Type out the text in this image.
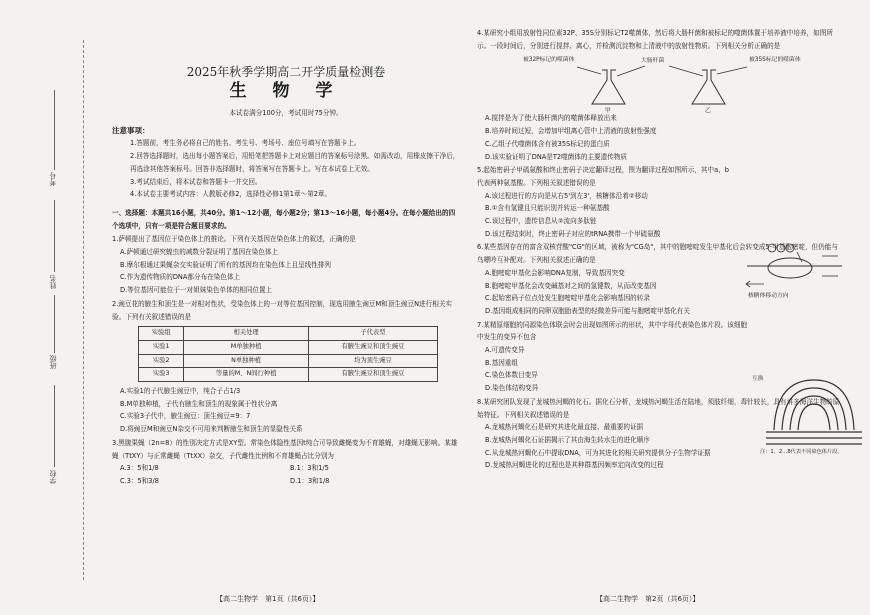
考号
姓名
班级
学校
2025年秋季学期高二开学质量检测卷
生 物 学
本试卷满分100分，考试用时75分钟。
注意事项：
1.答题前，考生务必将自己的姓名、考生号、考场号、座位号填写在答题卡上。
2.回答选择题时，选出每小题答案后，用铅笔把答题卡上对应题目的答案标号涂黑。如需改动，用橡皮擦干净后，再选涂其他答案标号。回答非选择题时，将答案写在答题卡上。写在本试卷上无效。
3.考试结束后，将本试卷和答题卡一并交回。
4.本试卷主要考试内容：人教版必修2，选择性必修1第1章～第2章。
一、选择题：本题共16小题，共40分。第1～12小题，每小题2分；第13～16小题，每小题4分。在每小题给出的四个选项中，只有一项是符合题目要求的。
1.萨顿提出了基因位于染色体上的推论。下列有关基因在染色体上的叙述，正确的是
A.萨顿通过研究蝗虫的减数分裂证明了基因在染色体上
B.摩尔根通过果蝇杂交实验证明了所有的基因均在染色体上且呈线性排列
C.作为遗传物质的DNA都分布在染色体上
D.等位基因可能位于一对姐妹染色单体的相同位置上
2.豌豆花的腋生和顶生是一对相对性状，受染色体上的一对等位基因控制，现选用腋生豌豆M和顶生豌豆N进行相关实验。下列有关叙述错误的是
实验组	相关处理	子代表型
实验1	M单独种植	有腋生豌豆和顶生豌豆
实验2	N单独种植	均为顶生豌豆
实验3	等量的M、N间行种植	有腋生豌豆和顶生豌豆
A.实验1的子代腋生豌豆中，纯合子占1/3
B.M单独种植，子代有腋生和顶生的现象属于性状分离
C.实验3子代中，腋生豌豆：顶生豌豆=9：7
D.将豌豆M和豌豆N杂交不可用来判断腋生和顶生的显隐性关系
3.黑腹果蝇（2n=8）的性别决定方式是XY型。常染色体隐性基因t纯合可导致雌蝇变为不育雄蝇，对雄蝇无影响。某雄蝇（TtXY）与正常雌蝇（TtXX）杂交，子代雌性比例和不育雄蝇占比分别为
A.3：5和1/8	B.1：3和1/5
C.3：5和3/8	D.1：3和1/8
【高二生物学　第1页（共6页）】
4.某研究小组用放射性同位素32P、35S分别标记T2噬菌体，然后将大肠杆菌和被标记的噬菌体置于培养液中培养，如图所示。一段时间后，分别进行搅拌、离心，并检测沉淀物和上清液中的放射性物质。下列相关分析正确的是
被32P标记的噬菌体	大肠杆菌	被35S标记的噬菌体
甲	乙
A.搅拌是为了使大肠杆菌内的噬菌体释放出来
B.培养时间过短，会增加甲组离心管中上清液的放射性强度
C.乙组子代噬菌体含有被35S标记的蛋白质
D.该实验证明了DNA是T2噬菌体的主要遗传物质
5.起始密码子甲硫氨酸和终止密码子决定翻译过程，图为翻译过程如图所示，其中a、b代表两种氨基酸。下列相关叙述错误的是
A.该过程进行的方向是从右5'到左3'，核糖体沿着②移动
B.①含有氢键且只能识别并转运一种氨基酸
C.该过程中，遗传信息从②流向多肽链
D.该过程结束时，终止密码子对应的tRNA携带一个甲硫氨酸
6.某些基因存在的富含双核苷酸"CG"的区域，被称为"CG岛"，其中的胞嘧啶发生甲基化后会转变成5-甲基胞嘧啶，但仍能与鸟嘌呤互补配对。下列相关叙述正确的是
A.胞嘧啶甲基化会影响DNA复制，导致基因突变
B.胞嘧啶甲基化会改变碱基对之间的氢键数，从而改变基因
C.起始密码子位点处发生胞嘧啶甲基化会影响基因的转录
D.基因组成相同的同卵双胞胎表型的轻微差异可能与胞嘧啶甲基化有关
7.某精原细胞的同源染色体联会时会出现如图所示的形状，其中字母代表染色体片段。该细胞中发生的变异不包含
A.可遗传变异
B.基因重组
C.染色体数目变异
D.染色体结构变异
8.某研究团队发现了龙城热河蝎的化石。据化石分析，龙城热河蝎生活在陆地，须肢纤细，毒针较长，具有讲多海洋生物的原始特征。下列相关叙述错误的是
A.龙城热河蝎化石是研究其进化最直接、最重要的证据
B.龙城热河蝎化石证据揭示了其由海生转水生的进化顺序
C.从龙城热河蝎化石中提取DNA，可为其进化的相关研究提供分子生物学证据
D.龙城热河蝎进化的过程也是其种群基因频率定向改变的过程
核糖体移动方向
互换
注：1、2…8代表不同染色体片段。
【高二生物学　第2页（共6页）】
